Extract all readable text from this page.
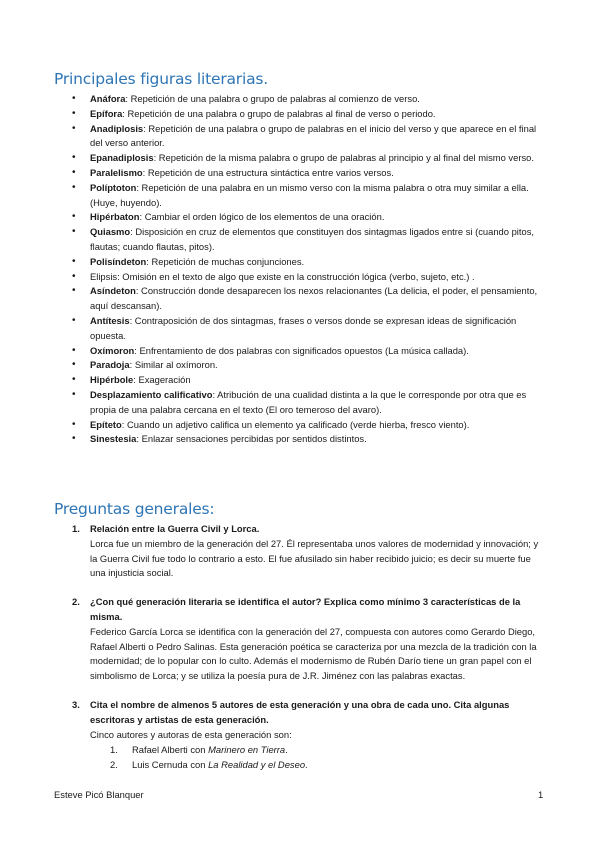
Principales figuras literarias.
• Anáfora: Repetición de una palabra o grupo de palabras al comienzo de verso.
• Epífora: Repetición de una palabra o grupo de palabras al final de verso o periodo.
• Anadiplosis: Repetición de una palabra o grupo de palabras en el inicio del verso y que aparece en el final del verso anterior.
• Epanadiplosis: Repetición de la misma palabra o grupo de palabras al principio y al final del mismo verso.
• Paralelismo: Repetición de una estructura sintáctica entre varios versos.
• Políptoton: Repetición de una palabra en un mismo verso con la misma palabra o otra muy similar a ella. (Huye, huyendo).
• Hipérbaton: Cambiar el orden lógico de los elementos de una oración.
• Quiasmo: Disposición en cruz de elementos que constituyen dos sintagmas ligados entre si (cuando pitos, flautas; cuando flautas, pitos).
• Polisíndeton: Repetición de muchas conjunciones.
• Elipsis: Omisión en el texto de algo que existe en la construcción lógica (verbo, sujeto, etc.) .
• Asíndeton: Construcción donde desaparecen los nexos relacionantes (La delicia, el poder, el pensamiento, aquí descansan).
• Antítesis: Contraposición de dos sintagmas, frases o versos donde se expresan ideas de significación opuesta.
• Oxímoron: Enfrentamiento de dos palabras con significados opuestos (La música callada).
• Paradoja: Similar al oxímoron.
• Hipérbole: Exageración
• Desplazamiento calificativo: Atribución de una cualidad distinta a la que le corresponde por otra que es propia de una palabra cercana en el texto (El oro temeroso del avaro).
• Epíteto: Cuando un adjetivo califica un elemento ya calificado (verde hierba, fresco viento).
• Sinestesia: Enlazar sensaciones percibidas por sentidos distintos.
Preguntas generales:
1. Relación entre la Guerra Civil y Lorca.

Lorca fue un miembro de la generación del 27. Él representaba unos valores de modernidad y innovación; y la Guerra Civil fue todo lo contrario a esto. El fue afusilado sin haber recibido juicio; es decir su muerte fue una injusticia social.

2. ¿Con qué generación literaria se identifica el autor? Explica como mínimo 3 características de la misma.

Federico García Lorca se identifica con la generación del 27, compuesta con autores como Gerardo Diego, Rafael Alberti o Pedro Salinas. Esta generación poética se caracteriza por una mezcla de la tradición con la modernidad; de lo popular con lo culto. Además el modernismo de Rubén Darío tiene un gran papel con el simbolismo de Lorca; y se utiliza la poesía pura de J.R. Jiménez con las palabras exactas.

3. Cita el nombre de almenos 5 autores de esta generación y una obra de cada uno. Cita algunas escritoras y artistas de esta generación.

Cinco autores y autoras de esta generación son:

1. Rafael Alberti con Marinero en Tierra.
2. Luis Cernuda con La Realidad y el Deseo.
Esteve Picó Blanquer	1
